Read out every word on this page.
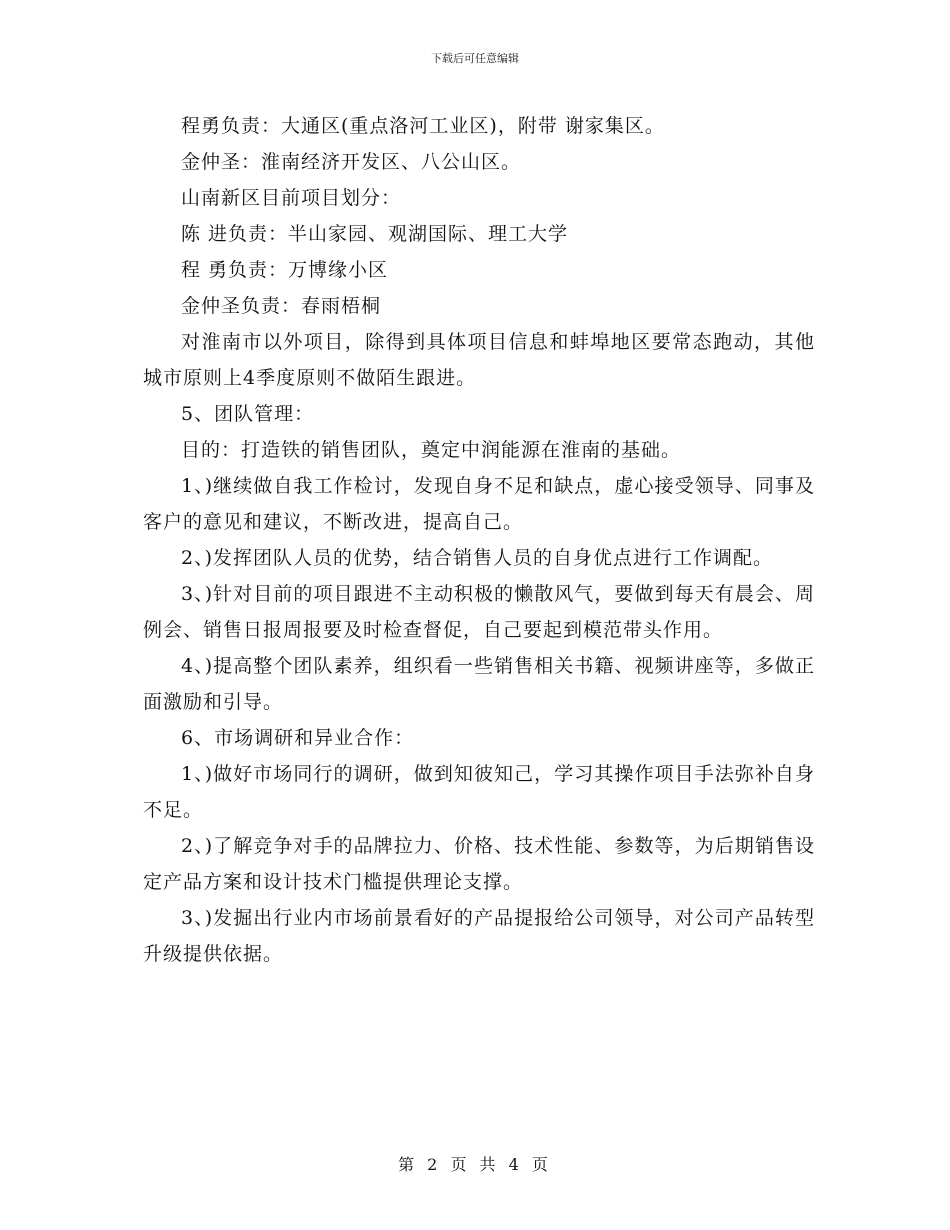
下载后可任意编辑

程勇负责：大通区(重点洛河工业区)，附带 谢家集区。

金仲圣：淮南经济开发区、八公山区。

山南新区目前项目划分：

陈 进负责：半山家园、观湖国际、理工大学

程 勇负责：万博缘小区

金仲圣负责：春雨梧桐

对淮南市以外项目，除得到具体项目信息和蚌埠地区要常态跑动，其他城市原则上4季度原则不做陌生跟进。

5、团队管理：

目的：打造铁的销售团队，奠定中润能源在淮南的基础。

1、)继续做自我工作检讨，发现自身不足和缺点，虚心接受领导、同事及客户的意见和建议，不断改进，提高自己。

2、)发挥团队人员的优势，结合销售人员的自身优点进行工作调配。

3、)针对目前的项目跟进不主动积极的懒散风气，要做到每天有晨会、周例会、销售日报周报要及时检查督促，自己要起到模范带头作用。

4、)提高整个团队素养，组织看一些销售相关书籍、视频讲座等，多做正面激励和引导。

6、市场调研和异业合作：

1、)做好市场同行的调研，做到知彼知己，学习其操作项目手法弥补自身不足。

2、)了解竞争对手的品牌拉力、价格、技术性能、参数等，为后期销售设定产品方案和设计技术门槛提供理论支撑。

3、)发掘出行业内市场前景看好的产品提报给公司领导，对公司产品转型升级提供依据。

第 2 页 共 4 页
